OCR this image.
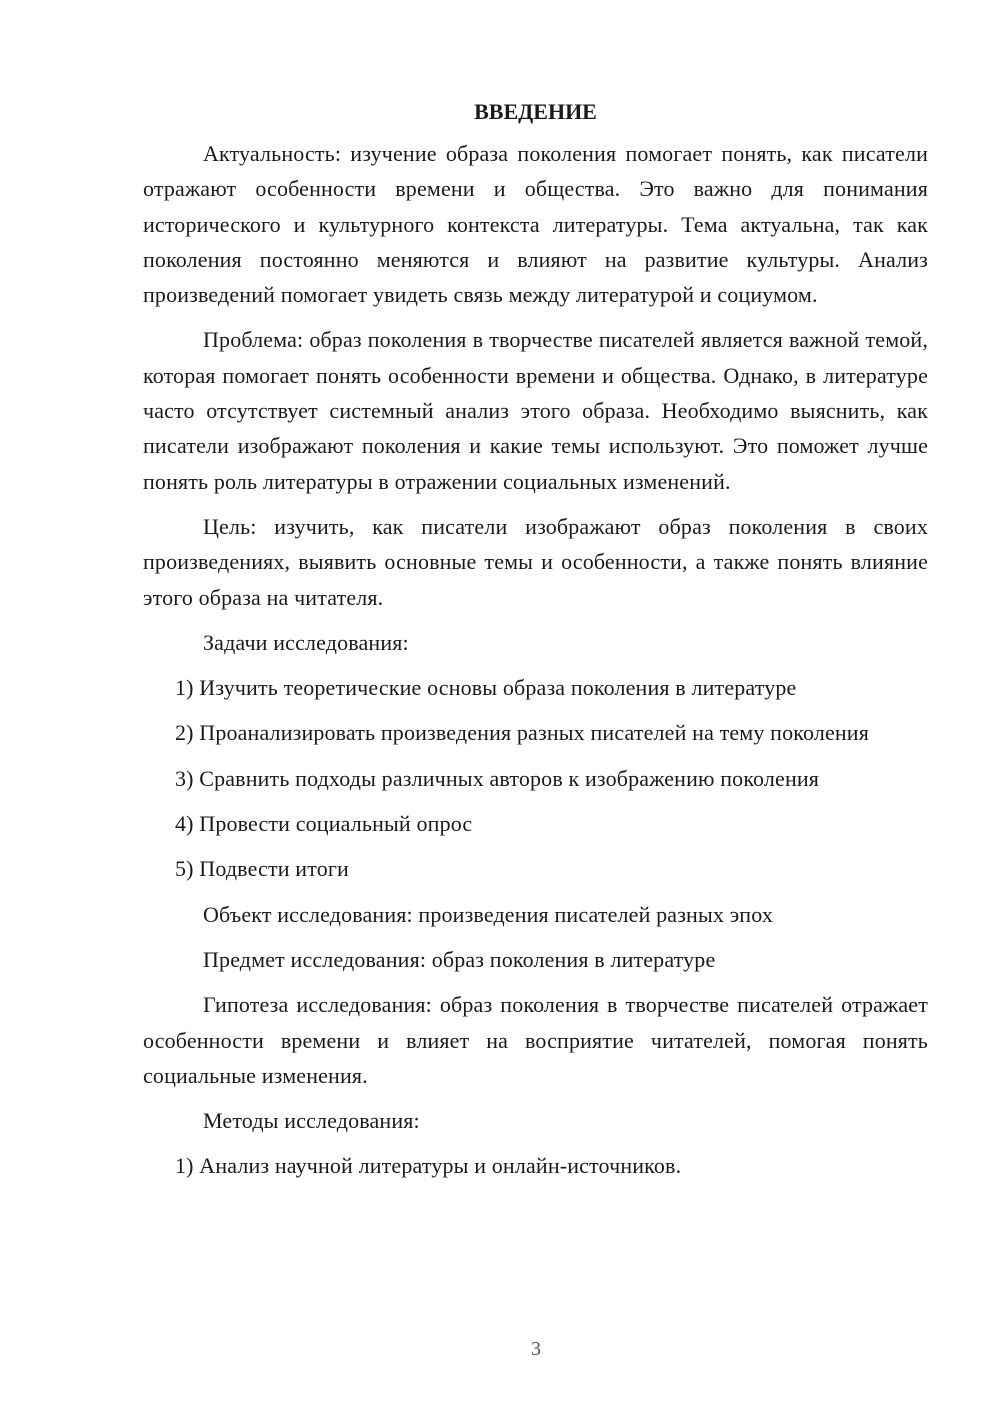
ВВЕДЕНИЕ

Актуальность: изучение образа поколения помогает понять, как писатели отражают особенности времени и общества. Это важно для понимания исторического и культурного контекста литературы. Тема актуальна, так как поколения постоянно меняются и влияют на развитие культуры. Анализ произведений помогает увидеть связь между литературой и социумом.

Проблема: образ поколения в творчестве писателей является важной темой, которая помогает понять особенности времени и общества. Однако, в литературе часто отсутствует системный анализ этого образа. Необходимо выяснить, как писатели изображают поколения и какие темы используют. Это поможет лучше понять роль литературы в отражении социальных изменений.

Цель: изучить, как писатели изображают образ поколения в своих произведениях, выявить основные темы и особенности, а также понять влияние этого образа на читателя.

Задачи исследования:

1) Изучить теоретические основы образа поколения в литературе

2) Проанализировать произведения разных писателей на тему поколения

3) Сравнить подходы различных авторов к изображению поколения

4) Провести социальный опрос

5) Подвести итоги

Объект исследования: произведения писателей разных эпох

Предмет исследования: образ поколения в литературе

Гипотеза исследования: образ поколения в творчестве писателей отражает особенности времени и влияет на восприятие читателей, помогая понять социальные изменения.

Методы исследования:

1) Анализ научной литературы и онлайн-источников.

3
